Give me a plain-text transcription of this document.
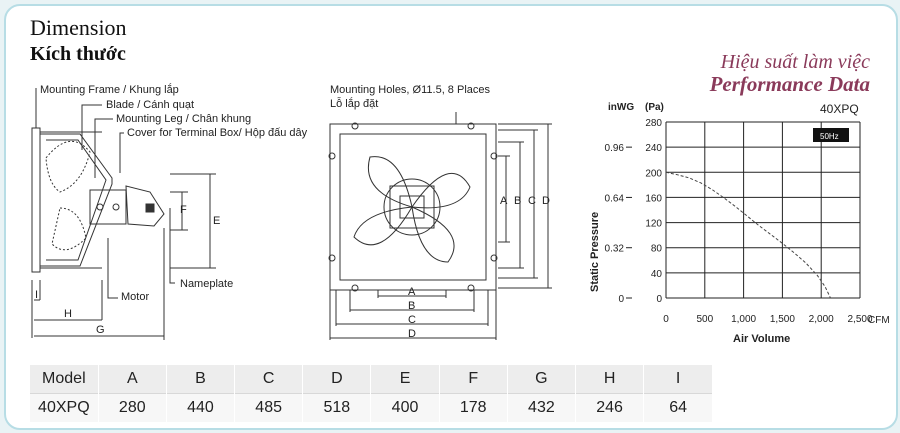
Dimension
Kích thước	Hiệu suất làm việc
Performance Data
Mounting Frame / Khung lắp
Blade / Cánh quạt
Mounting Leg / Chân khung
Cover for Terminal Box/ Hộp đấu dây
Motor
Nameplate
F
E
I
H
G
Mounting Holes, Ø11.5, 8 Places
Lỗ lắp đặt
A B C D
A
B
C
D
0	500 1,000 1,500 2,000 2,500
0
40
80
120
160
200
240
280
0
0.32
0.64
0.96
40XPQ
50Hz
inWG (Pa)
CFM
Air Volume
Static Pressure
Model	A	B	C	D	E	F	G	H	I
40XPQ	280	440	485	518	400	178	432	246	64
